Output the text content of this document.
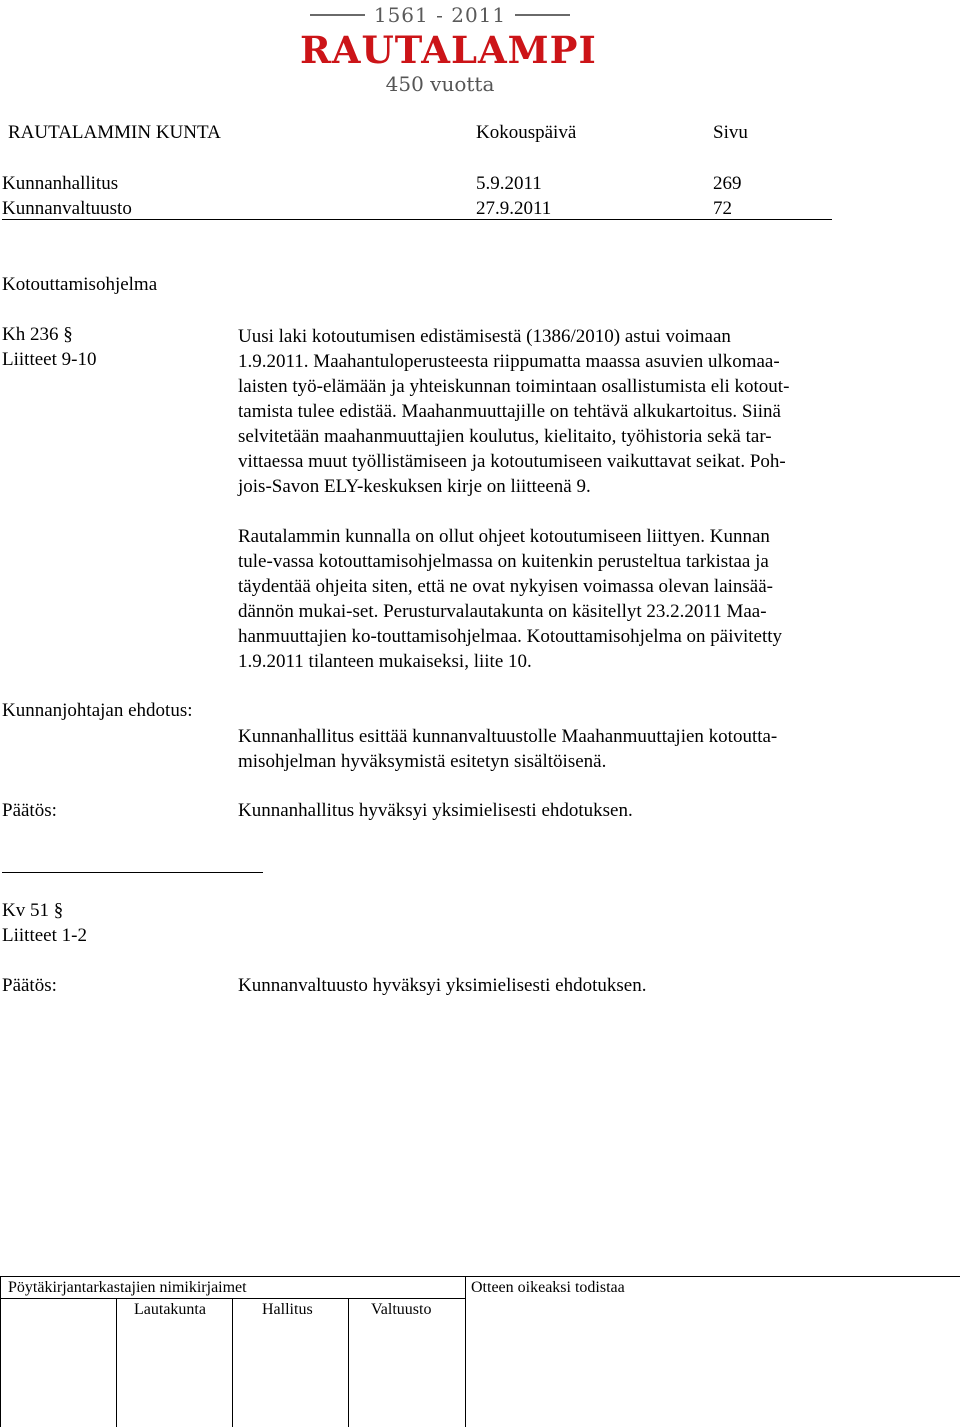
1561 - 2011
RAUTALAMPI
450 vuotta
RAUTALAMMIN KUNTA	Kokouspäivä	Sivu
Kunnanhallitus	5.9.2011	269
Kunnanvaltuusto	27.9.2011	72
Kotouttamisohjelma
Kh 236 §
Liitteet 9-10
Uusi laki kotoutumisen edistämisestä (1386/2010) astui voimaan
1.9.2011. Maahantuloperusteesta riippumatta maassa asuvien ulkomaa-
laisten työ-elämään ja yhteiskunnan toimintaan osallistumista eli kotout-
tamista tulee edistää. Maahanmuuttajille on tehtävä alkukartoitus. Siinä
selvitetään maahanmuuttajien koulutus, kielitaito, työhistoria sekä tar-
vittaessa muut työllistämiseen ja kotoutumiseen vaikuttavat seikat. Poh-
jois-Savon ELY-keskuksen kirje on liitteenä 9.
Rautalammin kunnalla on ollut ohjeet kotoutumiseen liittyen. Kunnan
tule-vassa kotouttamisohjelmassa on kuitenkin perusteltua tarkistaa ja
täydentää ohjeita siten, että ne ovat nykyisen voimassa olevan lainsää-
dännön mukai-set. Perusturvalautakunta on käsitellyt 23.2.2011 Maa-
hanmuuttajien ko-touttamisohjelmaa. Kotouttamisohjelma on päivitetty
1.9.2011 tilanteen mukaiseksi, liite 10.
Kunnanjohtajan ehdotus:
Kunnanhallitus esittää kunnanvaltuustolle Maahanmuuttajien kotoutta-
misohjelman hyväksymistä esitetyn sisältöisenä.
Päätös:	Kunnanhallitus hyväksyi yksimielisesti ehdotuksen.
Kv 51 §
Liitteet 1-2
Päätös:	Kunnanvaltuusto hyväksyi yksimielisesti ehdotuksen.
Pöytäkirjantarkastajien nimikirjaimet
Lautakunta	Hallitus	Valtuusto
Otteen oikeaksi todistaa
